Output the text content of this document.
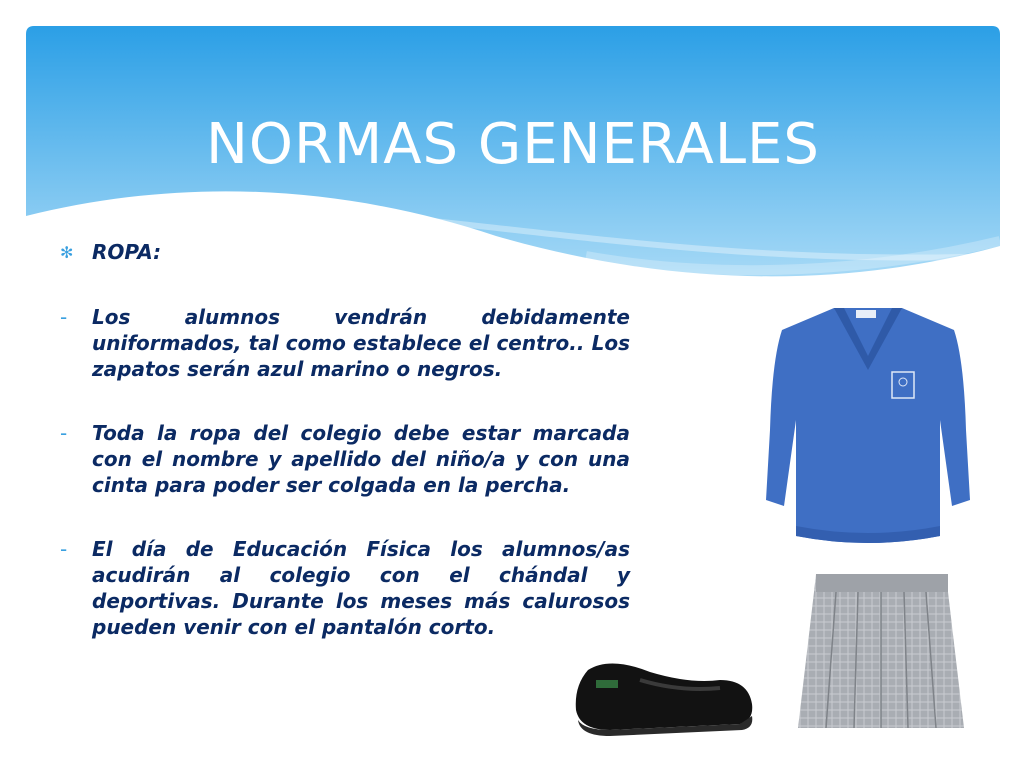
NORMAS GENERALES
✻ ROPA:
-	Los alumnos vendrán debidamente uniformados, tal como establece el centro.. Los zapatos serán azul marino o negros.
-	Toda la ropa del colegio debe estar marcada con el nombre y apellido del niño/a y con una cinta para poder ser colgada en la percha.
-	El día de Educación Física los alumnos/as acudirán al colegio con el chándal y deportivas. Durante los meses más calurosos pueden venir con el pantalón corto.
